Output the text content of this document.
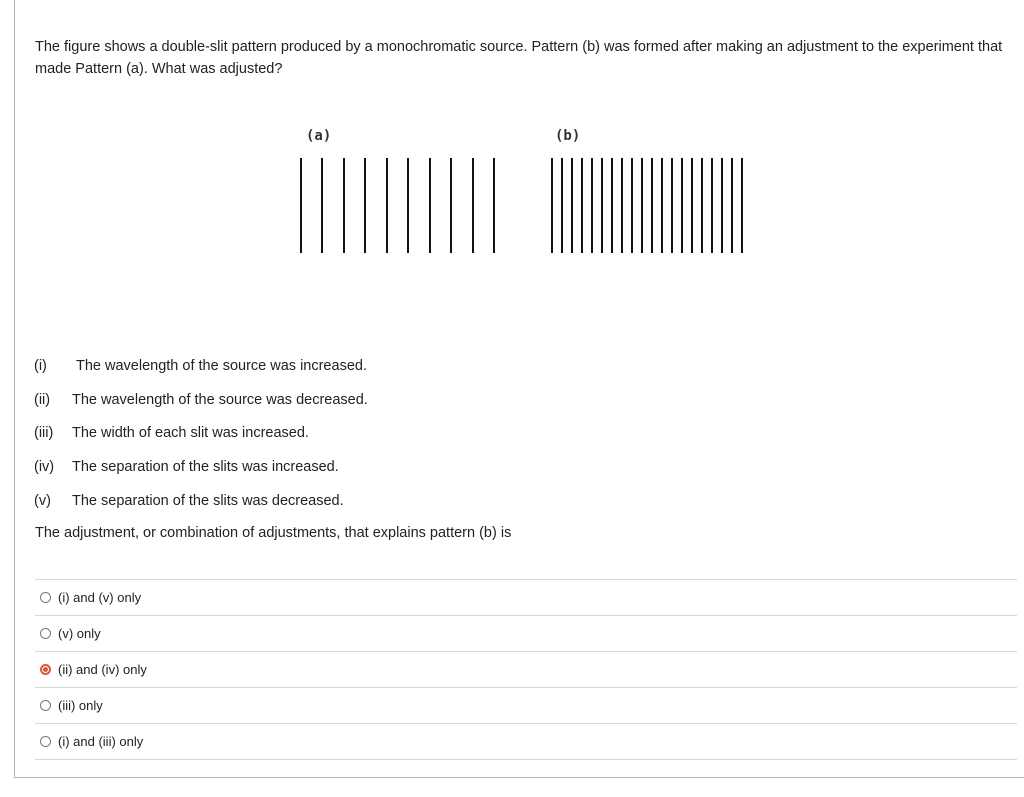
The figure shows a double-slit pattern produced by a monochromatic source. Pattern (b) was formed after making an adjustment to the experiment that made Pattern (a). What was adjusted?
(a)	(b)
(i) The wavelength of the source was increased.
(ii) The wavelength of the source was decreased.
(iii) The width of each slit was increased.
(iv) The separation of the slits was increased.
(v) The separation of the slits was decreased.
The adjustment, or combination of adjustments, that explains pattern (b) is
(i) and (v) only
(v) only
(ii) and (iv) only
(iii) only
(i) and (iii) only
